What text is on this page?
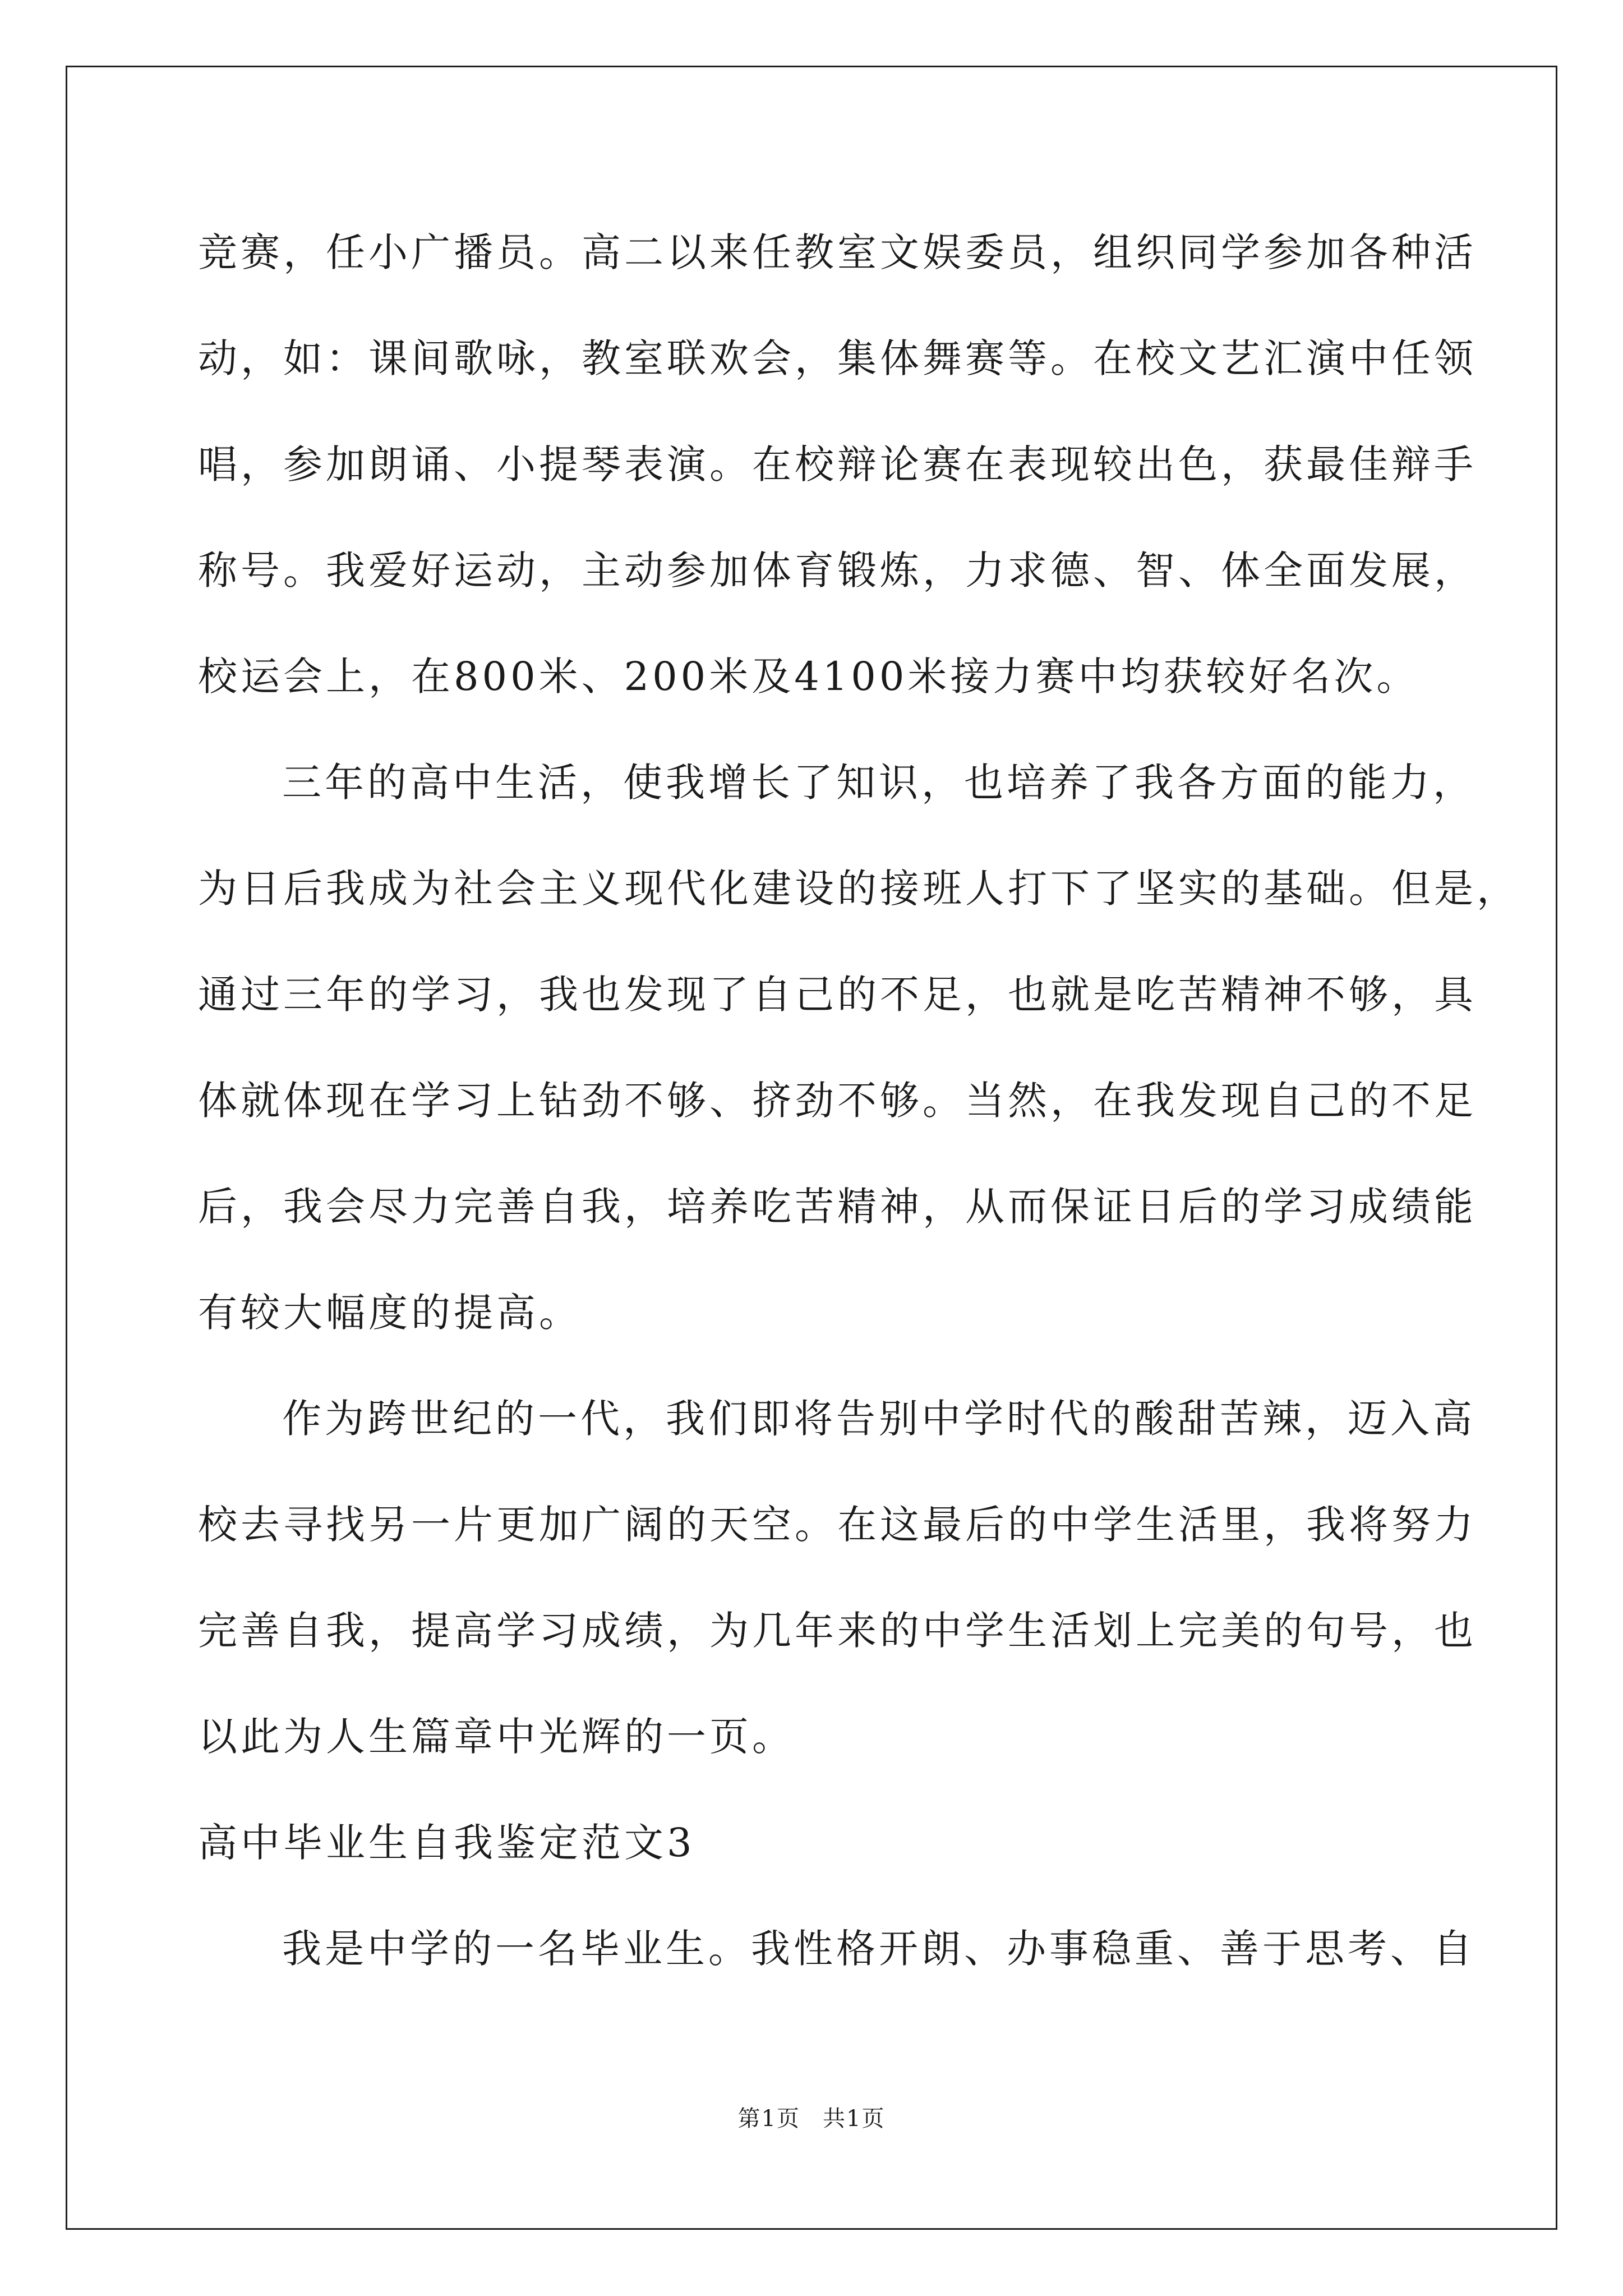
竞赛，任小广播员。高二以来任教室文娱委员，组织同学参加各种活
动，如：课间歌咏，教室联欢会，集体舞赛等。在校文艺汇演中任领
唱，参加朗诵、小提琴表演。在校辩论赛在表现较出色，获最佳辩手
称号。我爱好运动，主动参加体育锻炼，力求德、智、体全面发展，
校运会上，在800米、200米及4100米接力赛中均获较好名次。
三年的高中生活，使我增长了知识，也培养了我各方面的能力，
为日后我成为社会主义现代化建设的接班人打下了坚实的基础。但是，
通过三年的学习，我也发现了自己的不足，也就是吃苦精神不够，具
体就体现在学习上钻劲不够、挤劲不够。当然，在我发现自己的不足
后，我会尽力完善自我，培养吃苦精神，从而保证日后的学习成绩能
有较大幅度的提高。
作为跨世纪的一代，我们即将告别中学时代的酸甜苦辣，迈入高
校去寻找另一片更加广阔的天空。在这最后的中学生活里，我将努力
完善自我，提高学习成绩，为几年来的中学生活划上完美的句号，也
以此为人生篇章中光辉的一页。
高中毕业生自我鉴定范文3
我是中学的一名毕业生。我性格开朗、办事稳重、善于思考、自
第1页 共1页
